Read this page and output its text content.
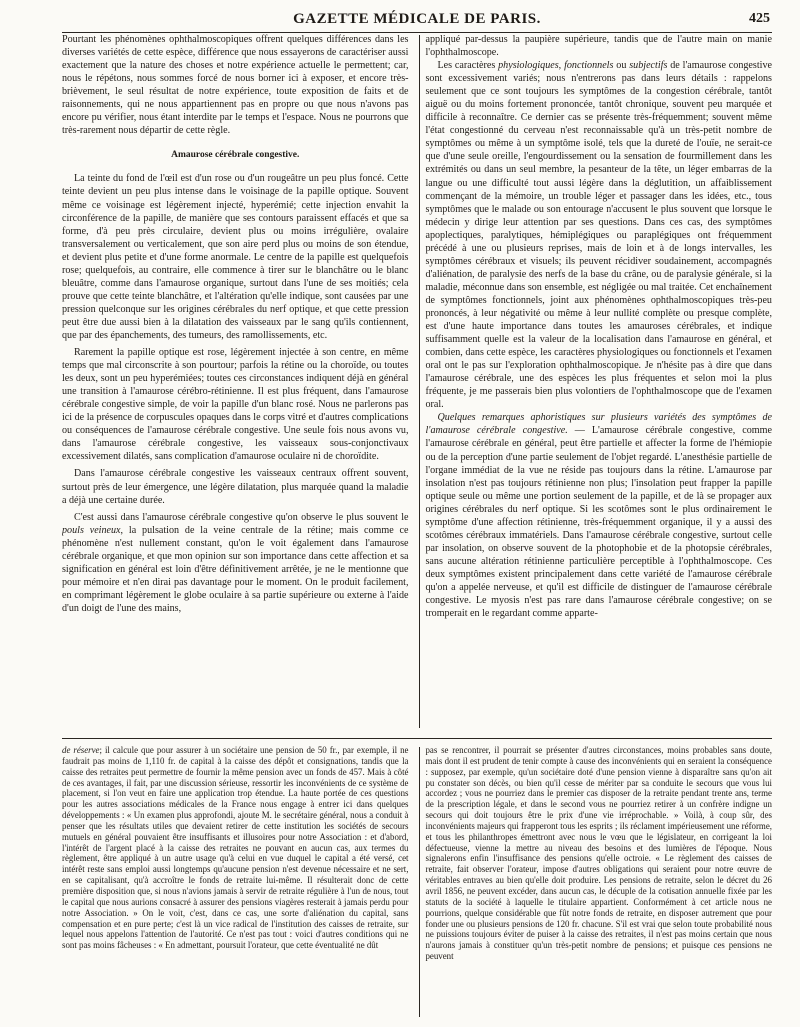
GAZETTE MÉDICALE DE PARIS.	425

Pourtant les phénomènes ophthalmoscopiques offrent quelques différences dans les diverses variétés de cette espèce, différence que nous essayerons de caractériser aussi exactement que la nature des choses et notre expérience actuelle le permettent; car, nous le répétons, nous sommes forcé de nous borner ici à exposer, et encore très-brièvement, le seul résultat de notre expérience, toute exposition de faits et de raisonnements, qui ne nous appartiennent pas en propre ou que nous n'avons pas encore pu vérifier, nous étant interdite par le temps et l'espace. Nous ne pourrons que très-rarement nous départir de cette règle.

Amaurose cérébrale congestive.

La teinte du fond de l'œil est d'un rose ou d'un rougeâtre un peu plus foncé. Cette teinte devient un peu plus intense dans le voisinage de la papille optique. Souvent même ce voisinage est légèrement injecté, hyperémié; cette injection envahit la circonférence de la papille, de manière que ses contours paraissent effacés et que sa forme, d'à peu près circulaire, devient plus ou moins irrégulière, ovalaire transversalement ou verticalement, que son aire perd plus ou moins de son étendue, et devient plus petite et d'une forme anormale. Le centre de la papille est quelquefois rose; quelquefois, au contraire, elle commence à tirer sur le blanchâtre ou le blanc bleuâtre, comme dans l'amaurose organique, surtout dans l'une de ses moitiés; cela prouve que cette teinte blanchâtre, et l'altération qu'elle indique, sont causées par une pression quelconque sur les origines cérébrales du nerf optique, et que cette pression peut être due aussi bien à la dilatation des vaisseaux par le sang qu'ils contiennent, que par des épanchements, des tumeurs, des ramollissements, etc.

Rarement la papille optique est rose, légèrement injectée à son centre, en même temps que mal circonscrite à son pourtour; parfois la rétine ou la choroïde, ou toutes les deux, sont un peu hyperémiées; toutes ces circonstances indiquent déjà en général une transition à l'amaurose cérébro-rétinienne. Il est plus fréquent, dans l'amaurose cérébrale congestive simple, de voir la papille d'un blanc rosé. Nous ne parlerons pas ici de la présence de corpuscules opaques dans le corps vitré et d'autres complications ou conséquences de l'amaurose cérébrale congestive. Une seule fois nous avons vu, dans l'amaurose cérébrale congestive, les vaisseaux sous-conjonctivaux excessivement dilatés, sans complication d'amaurose oculaire ni de choroïdite.

Dans l'amaurose cérébrale congestive les vaisseaux centraux offrent souvent, surtout près de leur émergence, une légère dilatation, plus marquée quand la maladie a déjà une certaine durée.

C'est aussi dans l'amaurose cérébrale congestive qu'on observe le plus souvent le pouls veineux, la pulsation de la veine centrale de la rétine; mais comme ce phénomène n'est nullement constant, qu'on le voit également dans l'amaurose cérébrale organique, et que mon opinion sur son importance dans cette affection et sa signification en général est loin d'être définitivement arrêtée, je ne le mentionne que pour mémoire et n'en dirai pas davantage pour le moment. On le produit facilement, en comprimant légèrement le globe oculaire à sa partie supérieure ou externe à l'aide d'un doigt de l'une des mains,

appliqué par-dessus la paupière supérieure, tandis que de l'autre main on manie l'ophthalmoscope.

Les caractères physiologiques, fonctionnels ou subjectifs de l'amaurose congestive sont excessivement variés; nous n'entrerons pas dans leurs détails : rappelons seulement que ce sont toujours les symptômes de la congestion cérébrale, tantôt aiguë ou du moins fortement prononcée, tantôt chronique, souvent peu marquée et difficile à reconnaître. Ce dernier cas se présente très-fréquemment; souvent même l'état congestionné du cerveau n'est reconnaissable qu'à un très-petit nombre de symptômes ou même à un symptôme isolé, tels que la dureté de l'ouïe, ne serait-ce que d'une seule oreille, l'engourdissement ou la sensation de fourmillement dans les extrémités ou dans un seul membre, la pesanteur de la tête, un léger embarras de la langue ou une difficulté tout aussi légère dans la déglutition, un affaiblissement commençant de la mémoire, un trouble léger et passager dans les idées, etc., tous symptômes que le malade ou son entourage n'accusent le plus souvent que lorsque le médecin y dirige leur attention par ses questions. Dans ces cas, des symptômes apoplectiques, paralytiques, hémiplégiques ou paraplégiques ont fréquemment précédé à une ou plusieurs reprises, mais de loin et à de longs intervalles, les symptômes cérébraux et visuels; ils peuvent récidiver soudainement, accompagnés d'aliénation, de paralysie des nerfs de la base du crâne, ou de paralysie générale, si la maladie, méconnue dans son ensemble, est négligée ou mal traitée. Cet enchaînement de symptômes fonctionnels, joint aux phénomènes ophthalmoscopiques très-peu prononcés, à leur négativité ou même à leur nullité complète ou presque complète, est d'une haute importance dans toutes les amauroses cérébrales, et indique suffisamment quelle est la valeur de la localisation dans l'amaurose en général, et combien, dans cette espèce, les caractères physiologiques ou fonctionnels et l'examen oral ont le pas sur l'exploration ophthalmoscopique. Je n'hésite pas à dire que dans l'amaurose cérébrale, une des espèces les plus fréquentes et selon moi la plus fréquente, je me passerais bien plus volontiers de l'ophthalmoscope que de l'examen oral.

Quelques remarques aphoristiques sur plusieurs variétés des symptômes de l'amaurose cérébrale congestive. — L'amaurose cérébrale congestive, comme l'amaurose cérébrale en général, peut être partielle et affecter la forme de l'hémiopie ou de la perception d'une partie seulement de l'objet regardé. L'anesthésie partielle de l'organe immédiat de la vue ne réside pas toujours dans la rétine. L'amaurose par insolation n'est pas toujours rétinienne non plus; l'insolation peut frapper la papille optique seule ou même une portion seulement de la papille, et de là se propager aux origines cérébrales du nerf optique. Si les scotômes sont le plus ordinairement le symptôme d'une affection rétinienne, très-fréquemment organique, il y a aussi des scotômes cérébraux immatériels. Dans l'amaurose cérébrale congestive, surtout celle par insolation, on observe souvent de la photophobie et de la photopsie cérébrales, sans aucune altération rétinienne particulière perceptible à l'ophthalmoscope. Ces deux symptômes existent principalement dans cette variété de l'amaurose cérébrale qu'on a appelée nerveuse, et qu'il est difficile de distinguer de l'amaurose cérébrale congestive. Le myosis n'est pas rare dans l'amaurose cérébrale congestive; on se tromperait en le regardant comme apparte-

de réserve; il calcule que pour assurer à un sociétaire une pension de 50 fr., par exemple, il ne faudrait pas moins de 1,110 fr. de capital à la caisse des dépôt et consignations, tandis que la caisse des retraites peut permettre de fournir la même pension avec un fonds de 457. Mais à côté de ces avantages, il fait, par une discussion sérieuse, ressortir les inconvénients de ce système de placement, si l'on veut en faire une application trop étendue. La haute portée de ces questions pour les autres associations médicales de la France nous engage à entrer ici dans quelques développements : « Un examen plus approfondi, ajoute M. le secrétaire général, nous a conduit à penser que les résultats utiles que devaient retirer de cette institution les sociétés de secours mutuels en général pouvaient être insuffisants et illusoires pour notre Association : et d'abord, l'intérêt de l'argent placé à la caisse des retraites ne pouvant en aucun cas, aux termes du règlement, être appliqué à un autre usage qu'à celui en vue duquel le capital a été versé, cet intérêt reste sans emploi aussi longtemps qu'aucune pension n'est devenue nécessaire et ne sert, en se capitalisant, qu'à accroître le fonds de retraite lui-même. Il résulterait donc de cette première disposition que, si nous n'avions jamais à servir de retraite régulière à l'un de nous, tout le capital que nous aurions consacré à assurer des pensions viagères resterait à jamais perdu pour notre Association. » On le voit, c'est, dans ce cas, une sorte d'aliénation du capital, sans compensation et en pure perte; c'est là un vice radical de l'institution des caisses de retraite, sur lequel nous appelons l'attention de l'autorité. Ce n'est pas tout : voici d'autres conditions qui ne sont pas moins fâcheuses : « En admettant, poursuit l'orateur, que cette éventualité ne dût

pas se rencontrer, il pourrait se présenter d'autres circonstances, moins probables sans doute, mais dont il est prudent de tenir compte à cause des inconvénients qui en seraient la conséquence : supposez, par exemple, qu'un sociétaire doté d'une pension vienne à disparaître sans qu'on ait pu constater son décès, ou bien qu'il cesse de mériter par sa conduite le secours que vous lui accordez ; vous ne pourriez dans le premier cas disposer de la retraite pendant trente ans, terme de la prescription légale, et dans le second vous ne pourriez retirer à un confrère indigne un secours qui doit toujours être le prix d'une vie irréprochable. » Voilà, à coup sûr, des inconvénients majeurs qui frapperont tous les esprits ; ils réclament impérieusement une réforme, et tous les philanthropes émettront avec nous le vœu que le législateur, en corrigeant la loi défectueuse, vienne la mettre au niveau des besoins et des lumières de l'époque. Nous signalerons enfin l'insuffisance des pensions qu'elle octroie. « Le règlement des caisses de retraite, fait observer l'orateur, impose d'autres obligations qui seraient pour notre œuvre de véritables entraves au bien qu'elle doit produire. Les pensions de retraite, selon le décret du 26 avril 1856, ne peuvent excéder, dans aucun cas, le décuple de la cotisation annuelle fixée par les statuts de la société à laquelle le titulaire appartient. Conformément à cet article nous ne pourrions, quelque considérable que fût notre fonds de retraite, en disposer autrement que pour fonder une ou plusieurs pensions de 120 fr. chacune. S'il est vrai que selon toute probabilité nous ne puissions toujours éviter de puiser à la caisse des retraites, il n'est pas moins certain que nous n'aurons jamais à constituer qu'un très-petit nombre de pensions; et puisque ces pensions ne peuvent
